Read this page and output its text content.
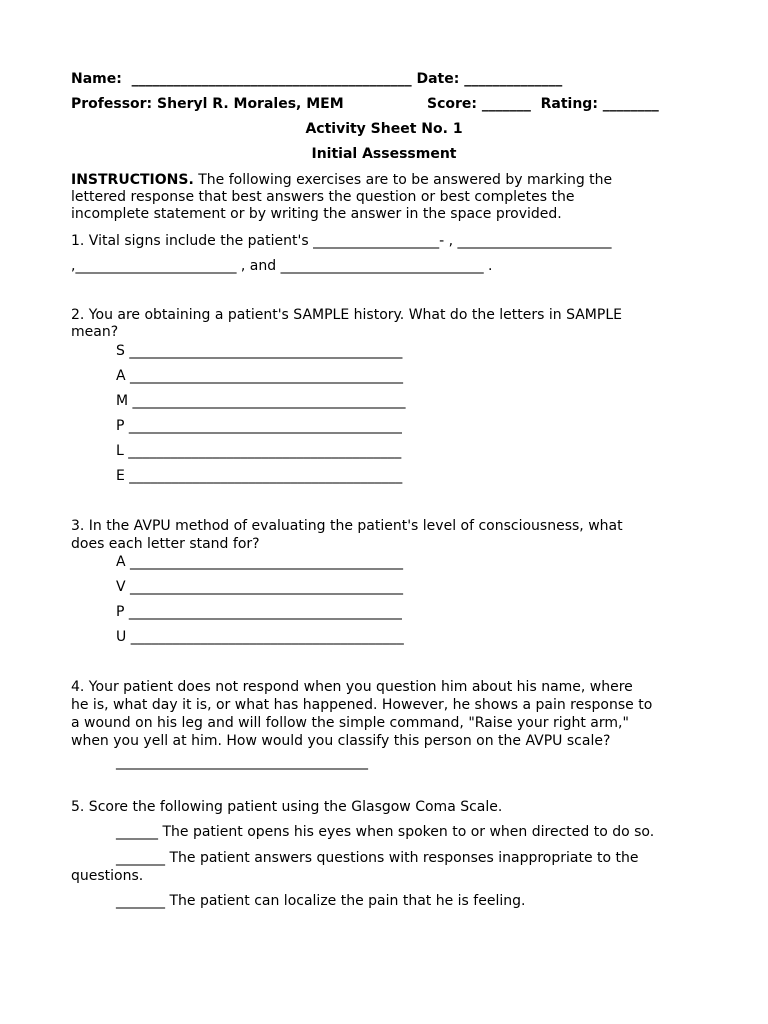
Name:  ________________________________________ Date: ______________
Professor: Sheryl R. Morales, MEM	Score: _______  Rating: ________
Activity Sheet No. 1
Initial Assessment
INSTRUCTIONS. The following exercises are to be answered by marking the
lettered response that best answers the question or best completes the
incomplete statement or by writing the answer in the space provided.
1. Vital signs include the patient's __________________- , ______________________
,_______________________ , and _____________________________ .
2. You are obtaining a patient's SAMPLE history. What do the letters in SAMPLE
mean?
S _______________________________________
A _______________________________________
M _______________________________________
P _______________________________________
L _______________________________________
E _______________________________________
3. In the AVPU method of evaluating the patient's level of consciousness, what
does each letter stand for?
A _______________________________________
V _______________________________________
P _______________________________________
U _______________________________________
4. Your patient does not respond when you question him about his name, where
he is, what day it is, or what has happened. However, he shows a pain response to
a wound on his leg and will follow the simple command, "Raise your right arm,"
when you yell at him. How would you classify this person on the AVPU scale?
____________________________________
5. Score the following patient using the Glasgow Coma Scale.
______ The patient opens his eyes when spoken to or when directed to do so.
_______ The patient answers questions with responses inappropriate to the
questions.
_______ The patient can localize the pain that he is feeling.
